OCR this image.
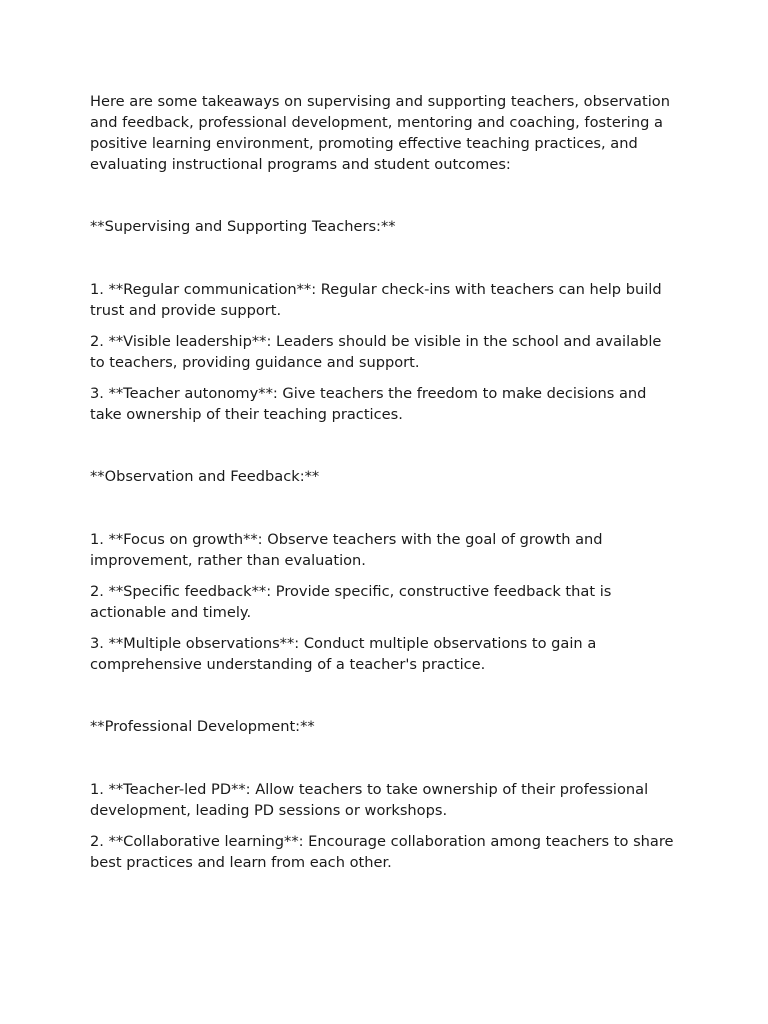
Here are some takeaways on supervising and supporting teachers, observation and feedback, professional development, mentoring and coaching, fostering a positive learning environment, promoting effective teaching practices, and evaluating instructional programs and student outcomes:

**Supervising and Supporting Teachers:**

1. **Regular communication**: Regular check-ins with teachers can help build trust and provide support.

2. **Visible leadership**: Leaders should be visible in the school and available to teachers, providing guidance and support.

3. **Teacher autonomy**: Give teachers the freedom to make decisions and take ownership of their teaching practices.

**Observation and Feedback:**

1. **Focus on growth**: Observe teachers with the goal of growth and improvement, rather than evaluation.

2. **Specific feedback**: Provide specific, constructive feedback that is actionable and timely.

3. **Multiple observations**: Conduct multiple observations to gain a comprehensive understanding of a teacher's practice.

**Professional Development:**

1. **Teacher-led PD**: Allow teachers to take ownership of their professional development, leading PD sessions or workshops.

2. **Collaborative learning**: Encourage collaboration among teachers to share best practices and learn from each other.
